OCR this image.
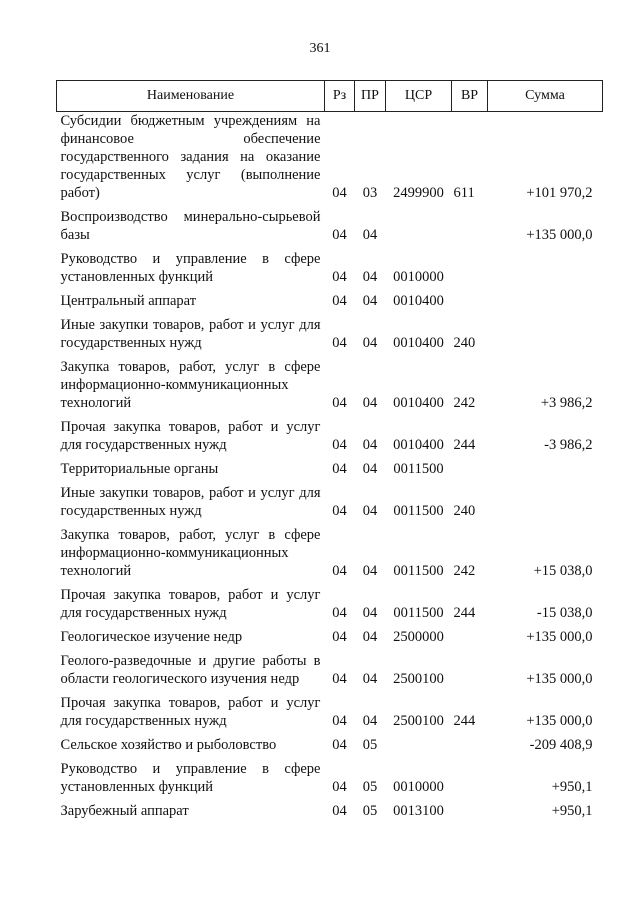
361
Наименование	Рз	ПР	ЦСР	ВР	Сумма
Субсидии бюджетным учреждениям на финансовое обеспечение государственного задания на оказание государственных услуг (выполнение работ)	04	03	2499900	611	+101 970,2
Воспроизводство минерально-сырьевой базы	04	04			+135 000,0
Руководство и управление в сфере установленных функций	04	04	0010000		
Центральный аппарат	04	04	0010400		
Иные закупки товаров, работ и услуг для государственных нужд	04	04	0010400	240	
Закупка товаров, работ, услуг в сфере информационно-коммуникационных технологий	04	04	0010400	242	+3 986,2
Прочая закупка товаров, работ и услуг для государственных нужд	04	04	0010400	244	-3 986,2
Территориальные органы	04	04	0011500		
Иные закупки товаров, работ и услуг для государственных нужд	04	04	0011500	240	
Закупка товаров, работ, услуг в сфере информационно-коммуникационных технологий	04	04	0011500	242	+15 038,0
Прочая закупка товаров, работ и услуг для государственных нужд	04	04	0011500	244	-15 038,0
Геологическое изучение недр	04	04	2500000		+135 000,0
Геолого-разведочные и другие работы в области геологического изучения недр	04	04	2500100		+135 000,0
Прочая закупка товаров, работ и услуг для государственных нужд	04	04	2500100	244	+135 000,0
Сельское хозяйство и рыболовство	04	05			-209 408,9
Руководство и управление в сфере установленных функций	04	05	0010000		+950,1
Зарубежный аппарат	04	05	0013100		+950,1
